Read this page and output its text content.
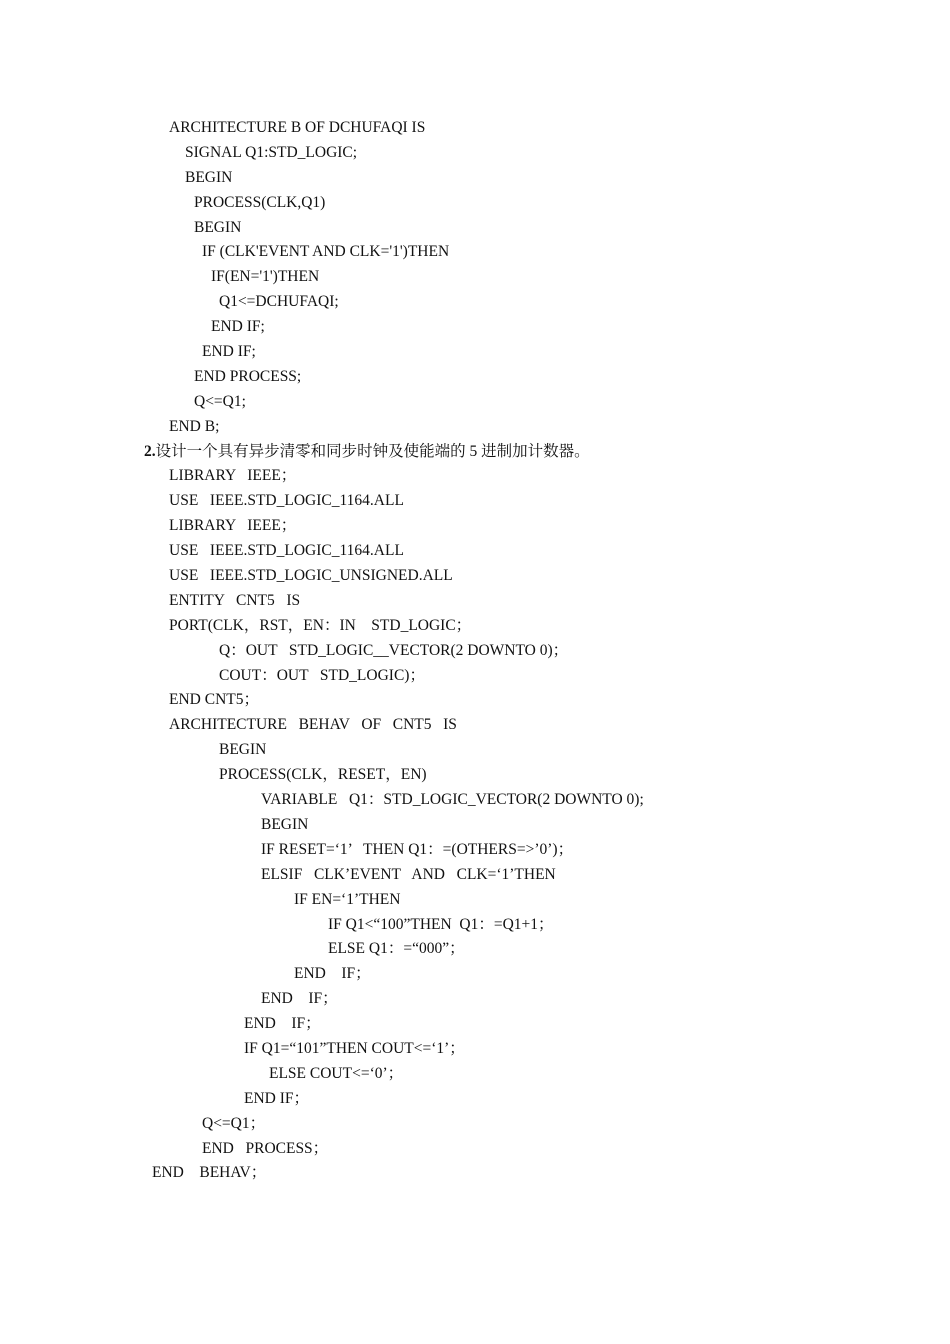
ARCHITECTURE B OF DCHUFAQI IS
SIGNAL Q1:STD_LOGIC;
BEGIN
PROCESS(CLK,Q1)
BEGIN
IF (CLK'EVENT AND CLK='1')THEN
IF(EN='1')THEN
Q1<=DCHUFAQI;
END IF;
END IF;
END PROCESS;
Q<=Q1;
END B;
2.设计一个具有异步清零和同步时钟及使能端的 5 进制加计数器。
LIBRARY   IEEE；
USE   IEEE.STD_LOGIC_1164.ALL
LIBRARY   IEEE；
USE   IEEE.STD_LOGIC_1164.ALL
USE   IEEE.STD_LOGIC_UNSIGNED.ALL
ENTITY   CNT5   IS
PORT(CLK，RST，EN：IN    STD_LOGIC；
Q：OUT   STD_LOGIC__VECTOR(2 DOWNTO 0)；
COUT：OUT   STD_LOGIC)；
END CNT5；
ARCHITECTURE   BEHAV   OF   CNT5   IS
BEGIN
PROCESS(CLK，RESET，EN)
VARIABLE   Q1：STD_LOGIC_VECTOR(2 DOWNTO 0);
BEGIN
IF RESET=‘1’   THEN Q1：=(OTHERS=>’0’)；
ELSIF   CLK’EVENT   AND   CLK=‘1’THEN
IF EN=‘1’THEN
IF Q1<“100”THEN  Q1：=Q1+1；
ELSE Q1：=“000”；
END    IF；
END    IF；
END    IF；
IF Q1=“101”THEN COUT<=‘1’；
ELSE COUT<=‘0’；
END IF；
Q<=Q1；
END   PROCESS；
END    BEHAV；
